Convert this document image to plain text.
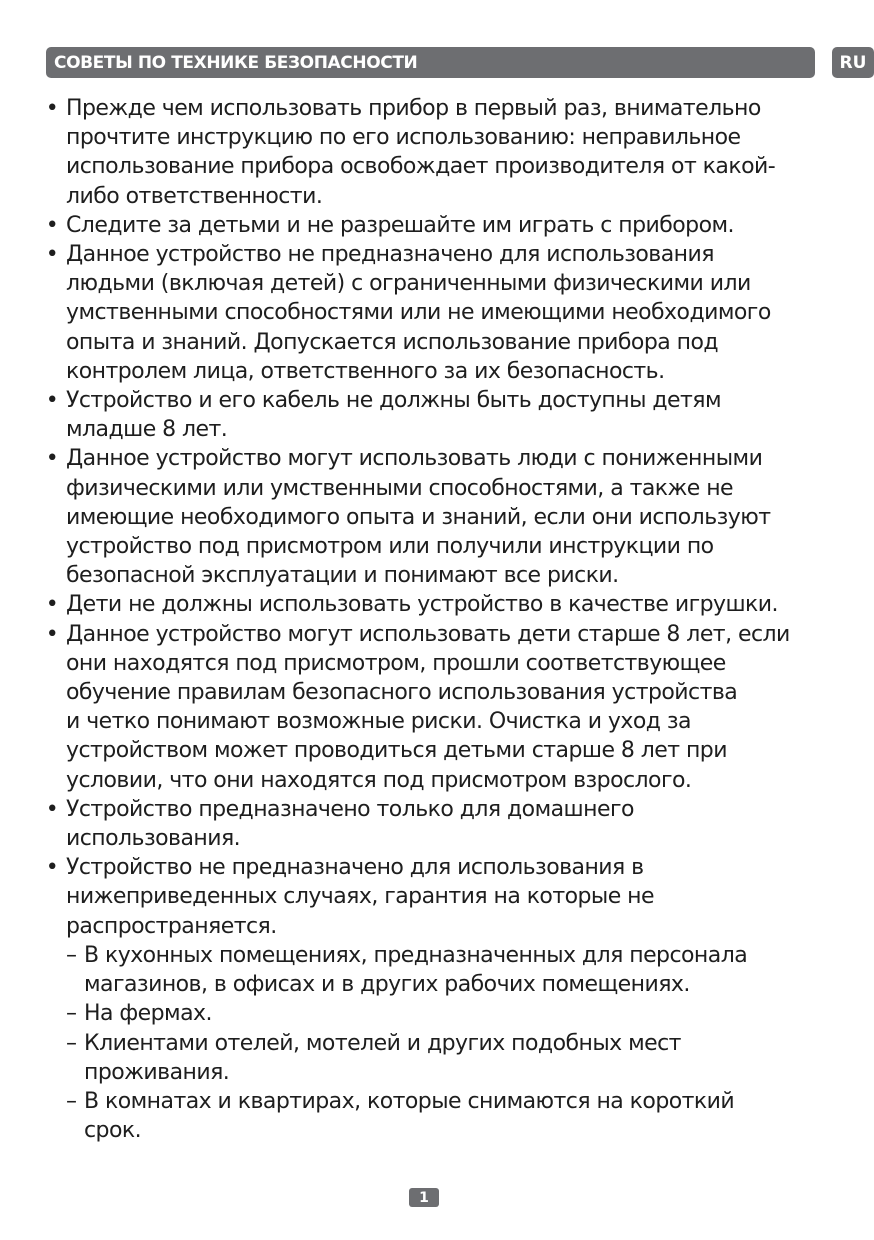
СОВЕТЫ ПО ТЕХНИКЕ БЕЗОПАСНОСТИ	RU
• Прежде чем использовать прибор в первый раз, внимательно
прочтите инструкцию по его использованию: неправильное
использование прибора освобождает производителя от какой-
либо ответственности.
• Следите за детьми и не разрешайте им играть с прибором.
• Данное устройство не предназначено для использования
людьми (включая детей) с ограниченными физическими или
умственными способностями или не имеющими необходимого
опыта и знаний. Допускается использование прибора под
контролем лица, ответственного за их безопасность.
• Устройство и его кабель не должны быть доступны детям
младше 8 лет.
• Данное устройство могут использовать люди с пониженными
физическими или умственными способностями, а также не
имеющие необходимого опыта и знаний, если они используют
устройство под присмотром или получили инструкции по
безопасной эксплуатации и понимают все риски.
• Дети не должны использовать устройство в качестве игрушки.
• Данное устройство могут использовать дети старше 8 лет, если
они находятся под присмотром, прошли соответствующее
обучение правилам безопасного использования устройства
и четко понимают возможные риски. Очистка и уход за
устройством может проводиться детьми старше 8 лет при
условии, что они находятся под присмотром взрослого.
• Устройство предназначено только для домашнего
использования.
• Устройство не предназначено для использования в
нижеприведенных случаях, гарантия на которые не
распространяется.
– В кухонных помещениях, предназначенных для персонала
магазинов, в офисах и в других рабочих помещениях.
– На фермах.
– Клиентами отелей, мотелей и других подобных мест
проживания.
– В комнатах и квартирах, которые снимаются на короткий
срок.
1
